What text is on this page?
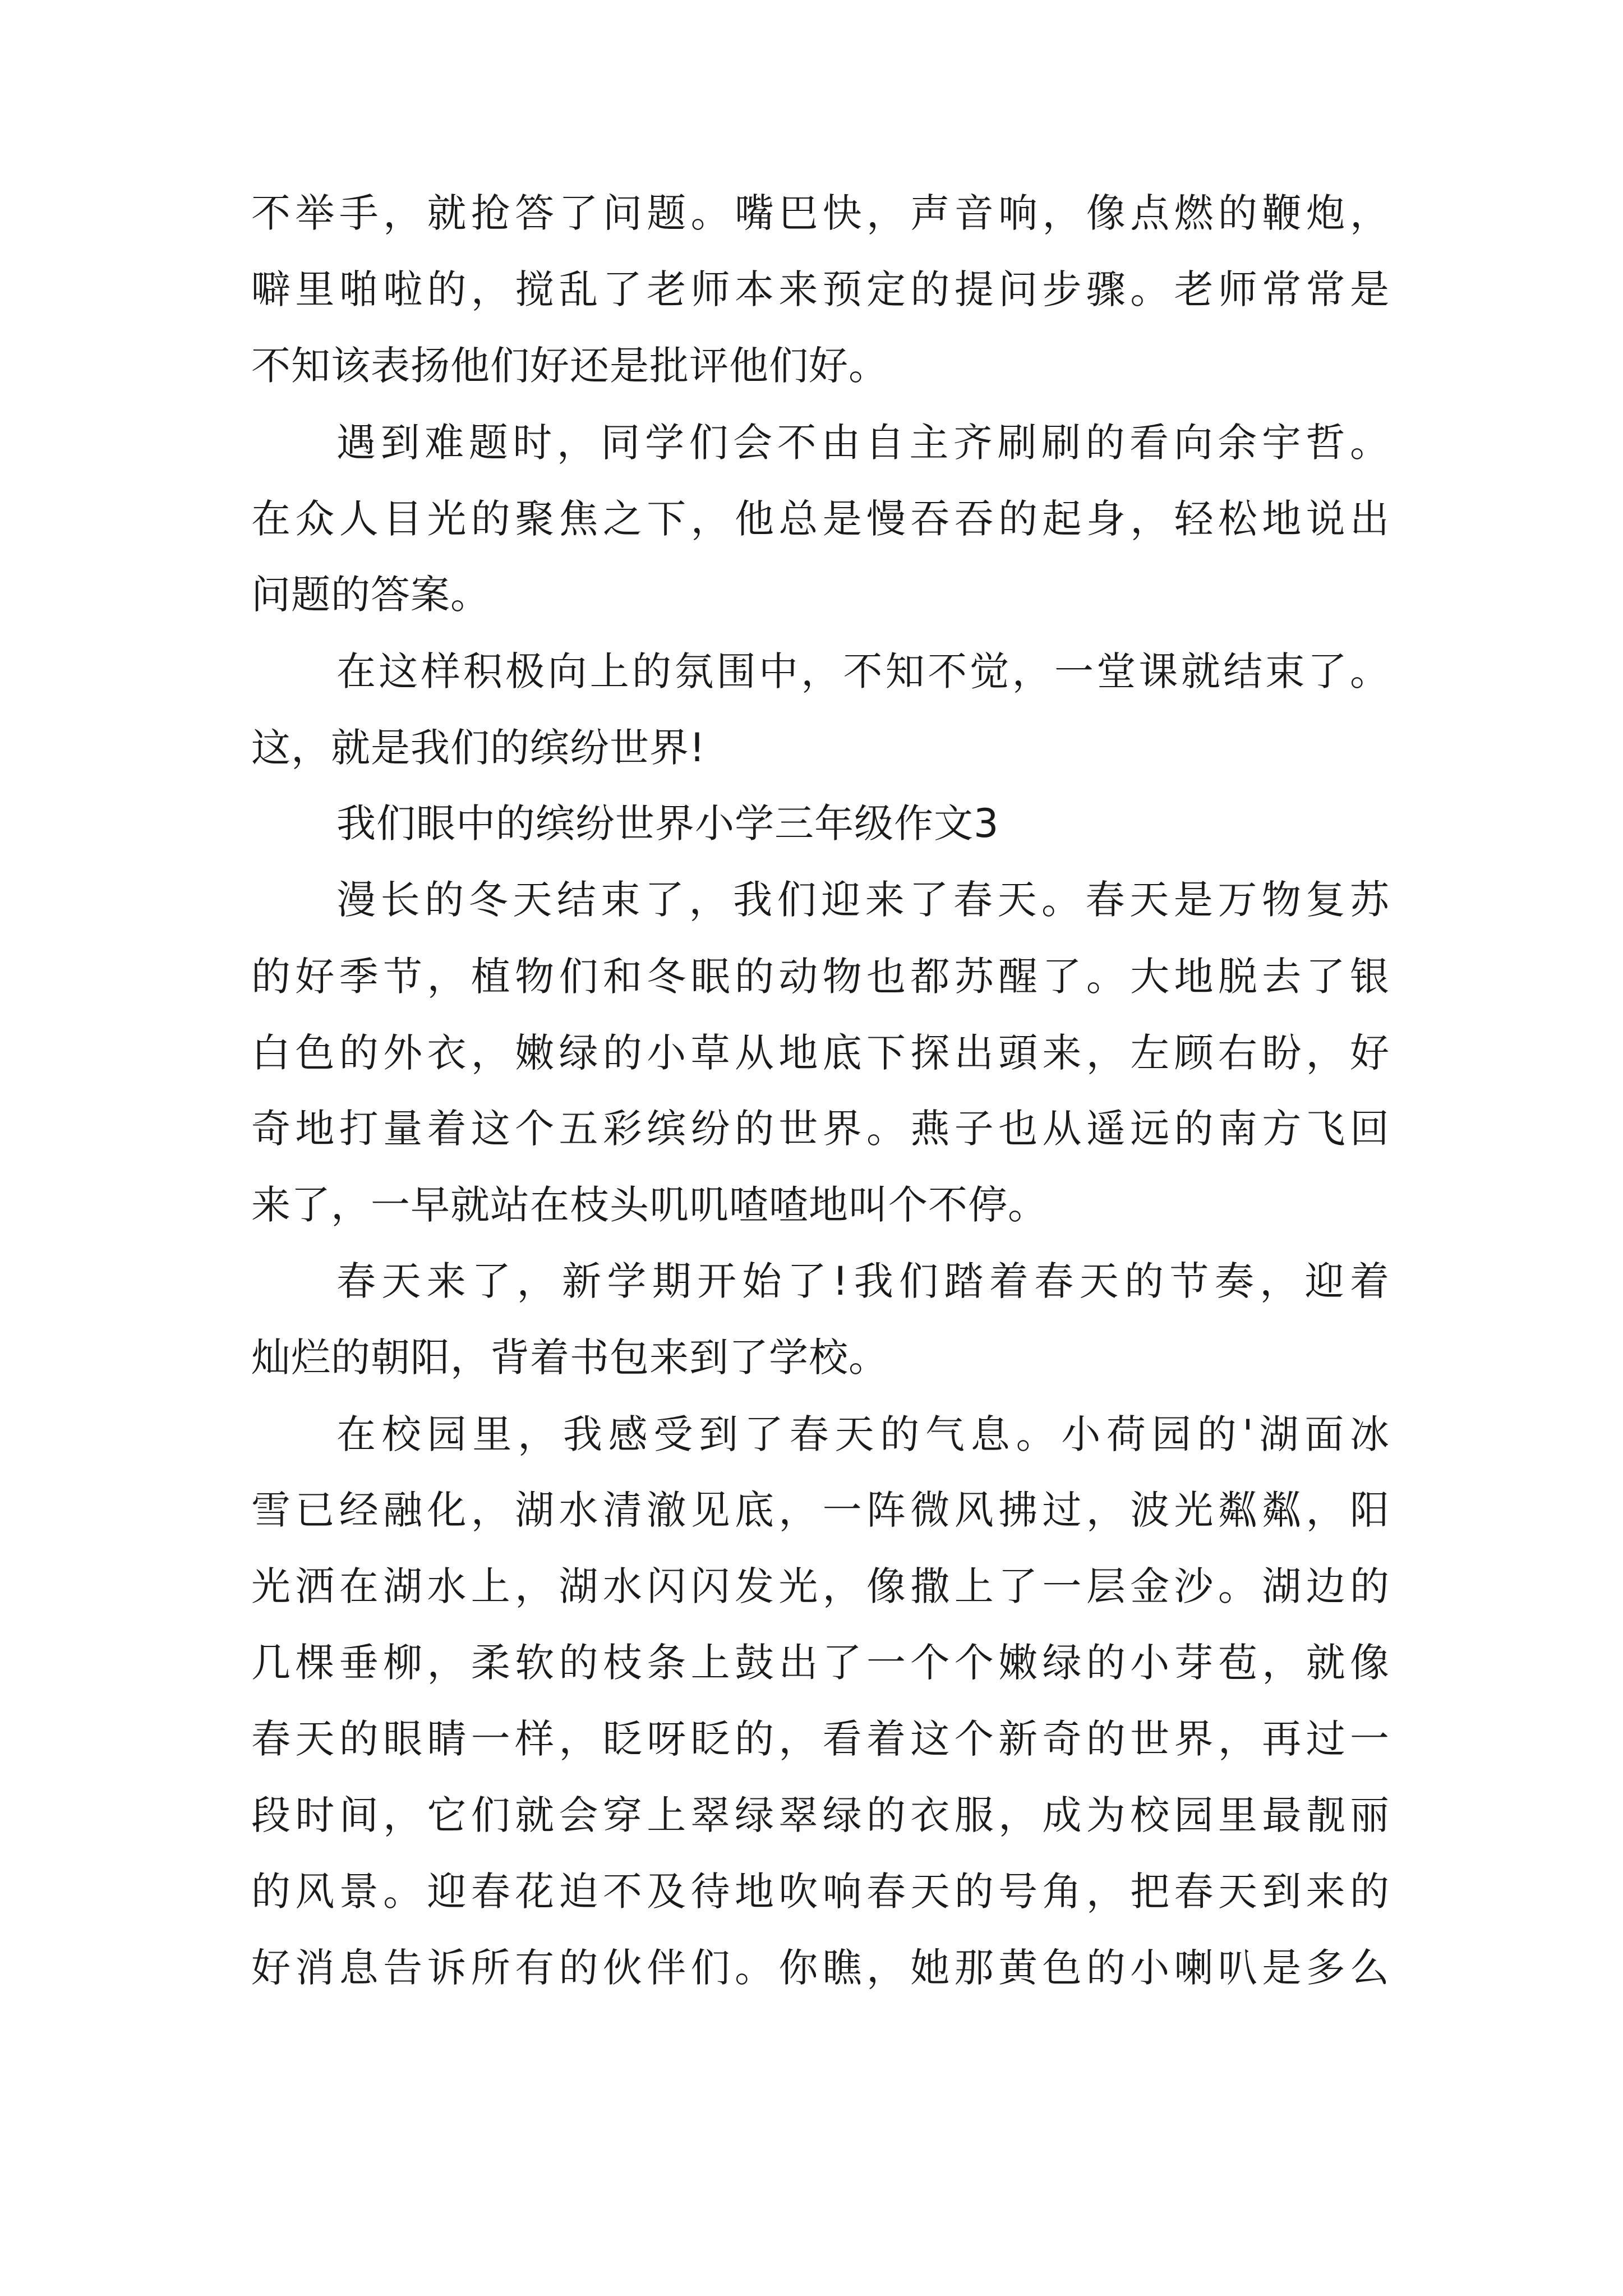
不举手，就抢答了问题。嘴巴快，声音响，像点燃的鞭炮，
噼里啪啦的，搅乱了老师本来预定的提问步骤。老师常常是
不知该表扬他们好还是批评他们好。
遇到难题时，同学们会不由自主齐刷刷的看向余宇哲。
在众人目光的聚焦之下，他总是慢吞吞的起身，轻松地说出
问题的答案。
在这样积极向上的氛围中，不知不觉，一堂课就结束了。
这，就是我们的缤纷世界!
我们眼中的缤纷世界小学三年级作文3
漫长的冬天结束了，我们迎来了春天。春天是万物复苏
的好季节，植物们和冬眠的动物也都苏醒了。大地脱去了银
白色的外衣，嫩绿的小草从地底下探出頭来，左顾右盼，好
奇地打量着这个五彩缤纷的世界。燕子也从遥远的南方飞回
来了，一早就站在枝头叽叽喳喳地叫个不停。
春天来了，新学期开始了!我们踏着春天的节奏，迎着
灿烂的朝阳，背着书包来到了学校。
在校园里，我感受到了春天的气息。小荷园的'湖面冰
雪已经融化，湖水清澈见底，一阵微风拂过，波光粼粼，阳
光洒在湖水上，湖水闪闪发光，像撒上了一层金沙。湖边的
几棵垂柳，柔软的枝条上鼓出了一个个嫩绿的小芽苞，就像
春天的眼睛一样，眨呀眨的，看着这个新奇的世界，再过一
段时间，它们就会穿上翠绿翠绿的衣服，成为校园里最靓丽
的风景。迎春花迫不及待地吹响春天的号角，把春天到来的
好消息告诉所有的伙伴们。你瞧，她那黄色的小喇叭是多么
